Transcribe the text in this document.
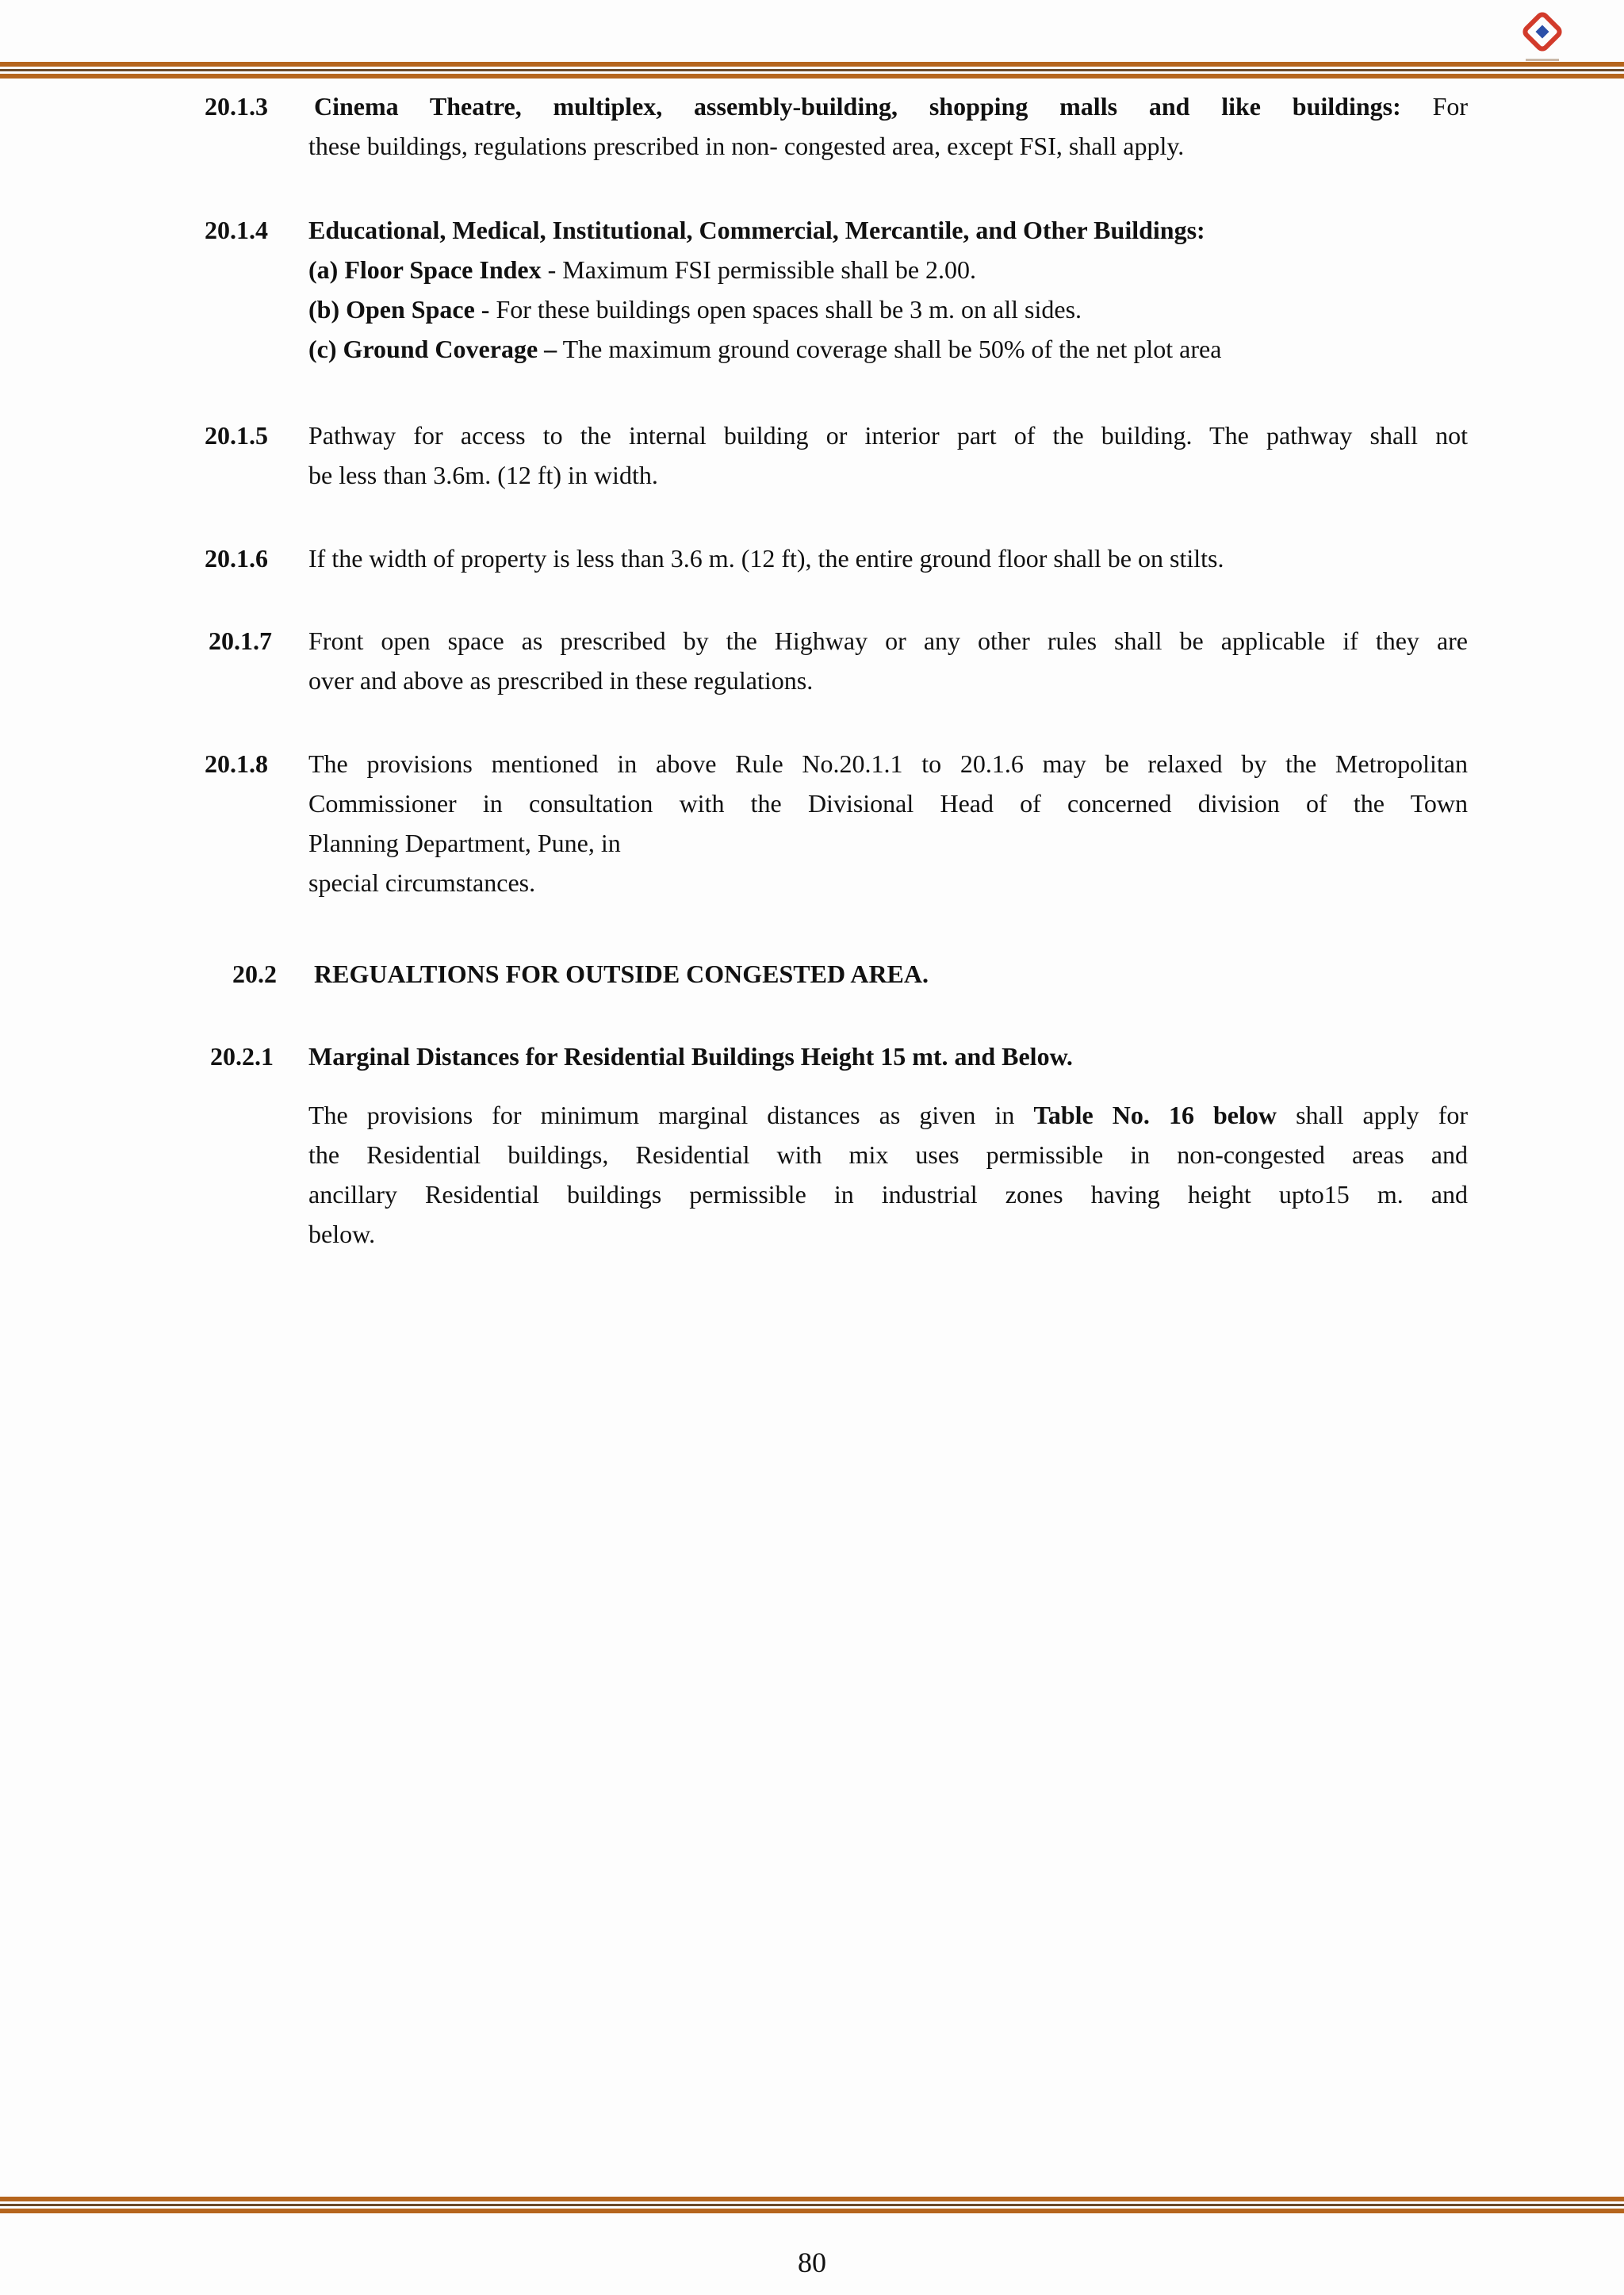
20.1.3 Cinema Theatre, multiplex, assembly-building, shopping malls and like buildings: For
these buildings, regulations prescribed in non- congested area, except FSI, shall apply.
20.1.4 Educational, Medical, Institutional, Commercial, Mercantile, and Other Buildings:
(a) Floor Space Index - Maximum FSI permissible shall be 2.00.
(b) Open Space - For these buildings open spaces shall be 3 m. on all sides.
(c) Ground Coverage – The maximum ground coverage shall be 50% of the net plot area
20.1.5 Pathway for access to the internal building or interior part of the building. The pathway shall not
be less than 3.6m. (12 ft) in width.
20.1.6 If the width of property is less than 3.6 m. (12 ft), the entire ground floor shall be on stilts.
20.1.7 Front open space as prescribed by the Highway or any other rules shall be applicable if they are
over and above as prescribed in these regulations.
20.1.8 The provisions mentioned in above Rule No.20.1.1 to 20.1.6 may be relaxed by the Metropolitan
Commissioner in consultation with the Divisional Head of concerned division of the Town
Planning Department, Pune, in
special circumstances.
20.2 REGUALTIONS FOR OUTSIDE CONGESTED AREA.
20.2.1 Marginal Distances for Residential Buildings Height 15 mt. and Below.
The provisions for minimum marginal distances as given in Table No. 16 below shall apply for
the Residential buildings, Residential with mix uses permissible in non-congested areas and
ancillary Residential buildings permissible in industrial zones having height upto15 m. and
below.
80
